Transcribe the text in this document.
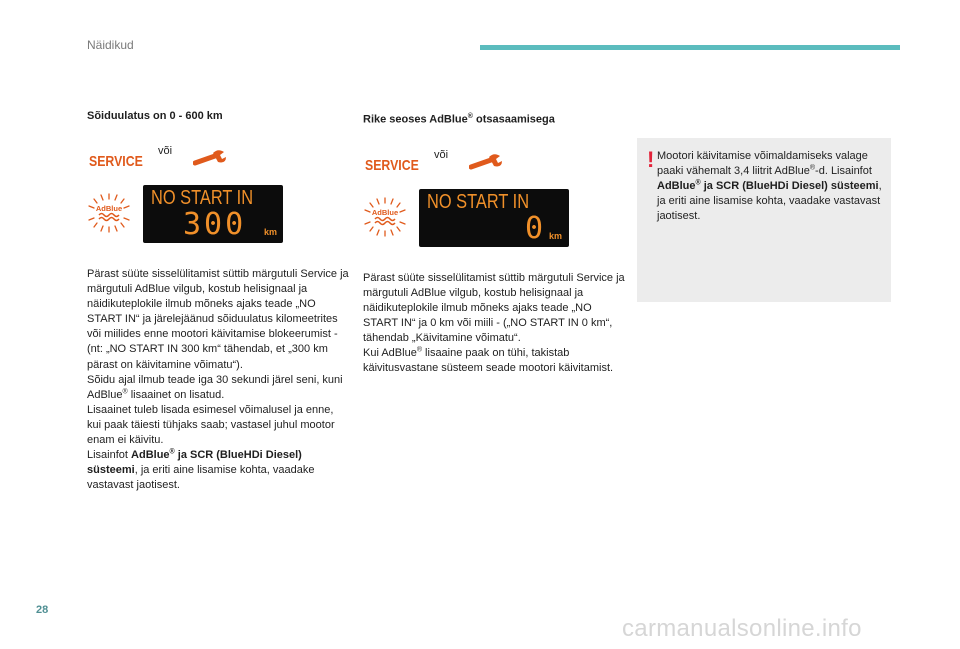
Näidikud

Sõiduulatus on 0 - 600 km

SERVICE
või
AdBlue NO START IN
300 km

Pärast süüte sisselülitamist süttib märgutuli Service ja märgutuli AdBlue vilgub, kostub helisignaal ja näidikuteplokile ilmub mõneks ajaks teade „NO START IN“ ja järelejäänud sõiduulatus kilomeetrites või miilides enne mootori käivitamise blokeerumist - (nt: „NO START IN 300 km“ tähendab, et „300 km pärast on käivitamine võimatu“).

Sõidu ajal ilmub teade iga 30 sekundi järel seni, kuni AdBlue® lisaainet on lisatud.

Lisaainet tuleb lisada esimesel võimalusel ja enne, kui paak täiesti tühjaks saab; vastasel juhul mootor enam ei käivitu.

Lisainfot AdBlue® ja SCR (BlueHDi Diesel) süsteemi, ja eriti aine lisamise kohta, vaadake vastavast jaotisest.

Rike seoses AdBlue® otsasaamisega

SERVICE
või
AdBlue NO START IN
0 km

Pärast süüte sisselülitamist süttib märgutuli Service ja märgutuli AdBlue vilgub, kostub helisignaal ja näidikuteplokile ilmub mõneks ajaks teade „NO START IN“ ja 0 km või miili - („NO START IN 0 km“, tähendab „Käivitamine võimatu“.

Kui AdBlue® lisaaine paak on tühi, takistab käivitusvastane süsteem seade mootori käivitamist.

! Mootori käivitamise võimaldamiseks valage paaki vähemalt 3,4 liitrit AdBlue®-d. Lisainfot AdBlue® ja SCR (BlueHDi Diesel) süsteemi, ja eriti aine lisamise kohta, vaadake vastavast jaotisest.

28
carmanualsonline.info
